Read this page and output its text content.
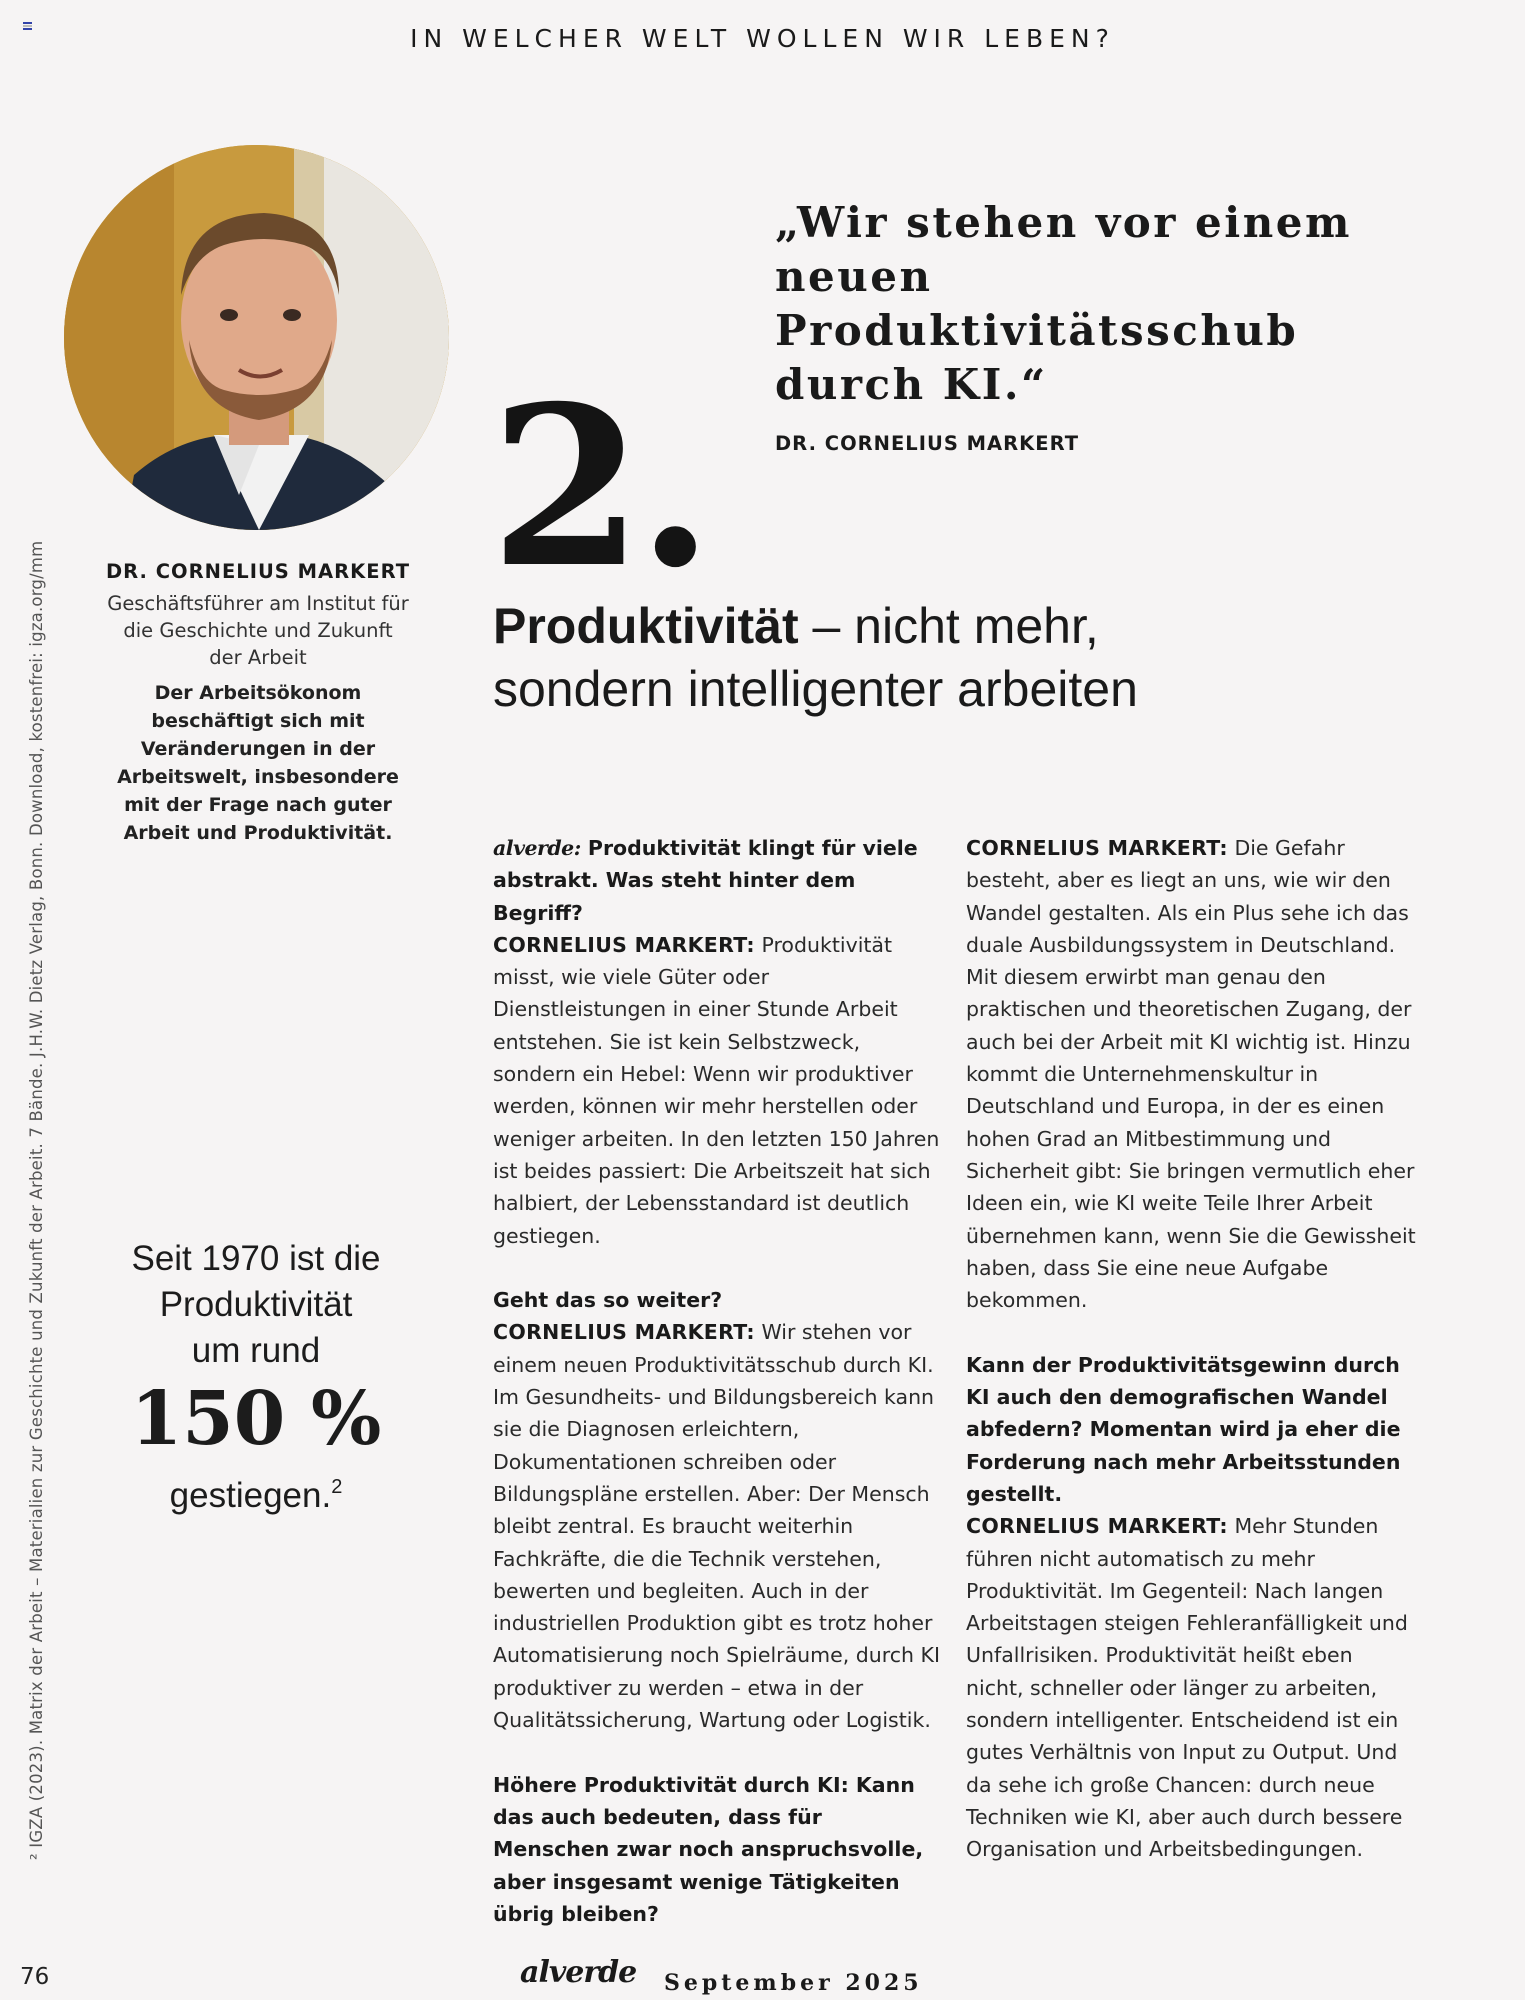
IN WELCHER WELT WOLLEN WIR LEBEN?
DR. CORNELIUS MARKERT
Geschäftsführer am Institut für die Geschichte und Zukunft der Arbeit
Der Arbeitsökonom beschäftigt sich mit Veränderungen in der Arbeitswelt, insbesondere mit der Frage nach guter Arbeit und Produktivität.
Seit 1970 ist die
Produktivität
um rund
150 %
gestiegen.$^2$
² IGZA (2023). Matrix der Arbeit – Materialien zur Geschichte und Zukunft der Arbeit. 7 Bände. J.H.W. Dietz Verlag, Bonn. Download, kostenfrei: igza.org/mm
2.
„Wir stehen vor einem neuen Produktivitätsschub durch KI.“
DR. CORNELIUS MARKERT
Produktivität – nicht mehr, sondern intelligenter arbeiten

alverde: Produktivität klingt für viele abstrakt. Was steht hinter dem Begriff?
CORNELIUS MARKERT: Produktivität misst, wie viele Güter oder Dienstleistungen in einer Stunde Arbeit entstehen. Sie ist kein Selbstzweck, sondern ein Hebel: Wenn wir produktiver werden, können wir mehr herstellen oder weniger arbeiten. In den letzten 150 Jahren ist beides passiert: Die Arbeitszeit hat sich halbiert, der Lebensstandard ist deutlich gestiegen.

Geht das so weiter?
CORNELIUS MARKERT: Wir stehen vor einem neuen Produktivitätsschub durch KI. Im Gesundheits- und Bildungsbereich kann sie die Diagnosen erleichtern, Dokumentationen schreiben oder Bildungspläne erstellen. Aber: Der Mensch bleibt zentral. Es braucht weiterhin Fachkräfte, die die Technik verstehen, bewerten und begleiten. Auch in der industriellen Produktion gibt es trotz hoher Automatisierung noch Spielräume, durch KI produktiver zu werden – etwa in der Qualitätssicherung, Wartung oder Logistik.

Höhere Produktivität durch KI: Kann das auch bedeuten, dass für Menschen zwar noch anspruchsvolle, aber insgesamt wenige Tätigkeiten übrig bleiben?

CORNELIUS MARKERT: Die Gefahr besteht, aber es liegt an uns, wie wir den Wandel gestalten. Als ein Plus sehe ich das duale Ausbildungssystem in Deutschland. Mit diesem erwirbt man genau den praktischen und theoretischen Zugang, der auch bei der Arbeit mit KI wichtig ist. Hinzu kommt die Unternehmenskultur in Deutschland und Europa, in der es einen hohen Grad an Mitbestimmung und Sicherheit gibt: Sie bringen vermutlich eher Ideen ein, wie KI weite Teile Ihrer Arbeit übernehmen kann, wenn Sie die Gewissheit haben, dass Sie eine neue Aufgabe bekommen.

Kann der Produktivitätsgewinn durch KI auch den demografischen Wandel abfedern? Momentan wird ja eher die Forderung nach mehr Arbeitsstunden gestellt.
CORNELIUS MARKERT: Mehr Stunden führen nicht automatisch zu mehr Produktivität. Im Gegenteil: Nach langen Arbeitstagen steigen Fehleranfälligkeit und Unfallrisiken. Produktivität heißt eben nicht, schneller oder länger zu arbeiten, sondern intelligenter. Entscheidend ist ein gutes Verhältnis von Input zu Output. Und da sehe ich große Chancen: durch neue Techniken wie KI, aber auch durch bessere Organisation und Arbeitsbedingungen.

76	alverde September 2025
